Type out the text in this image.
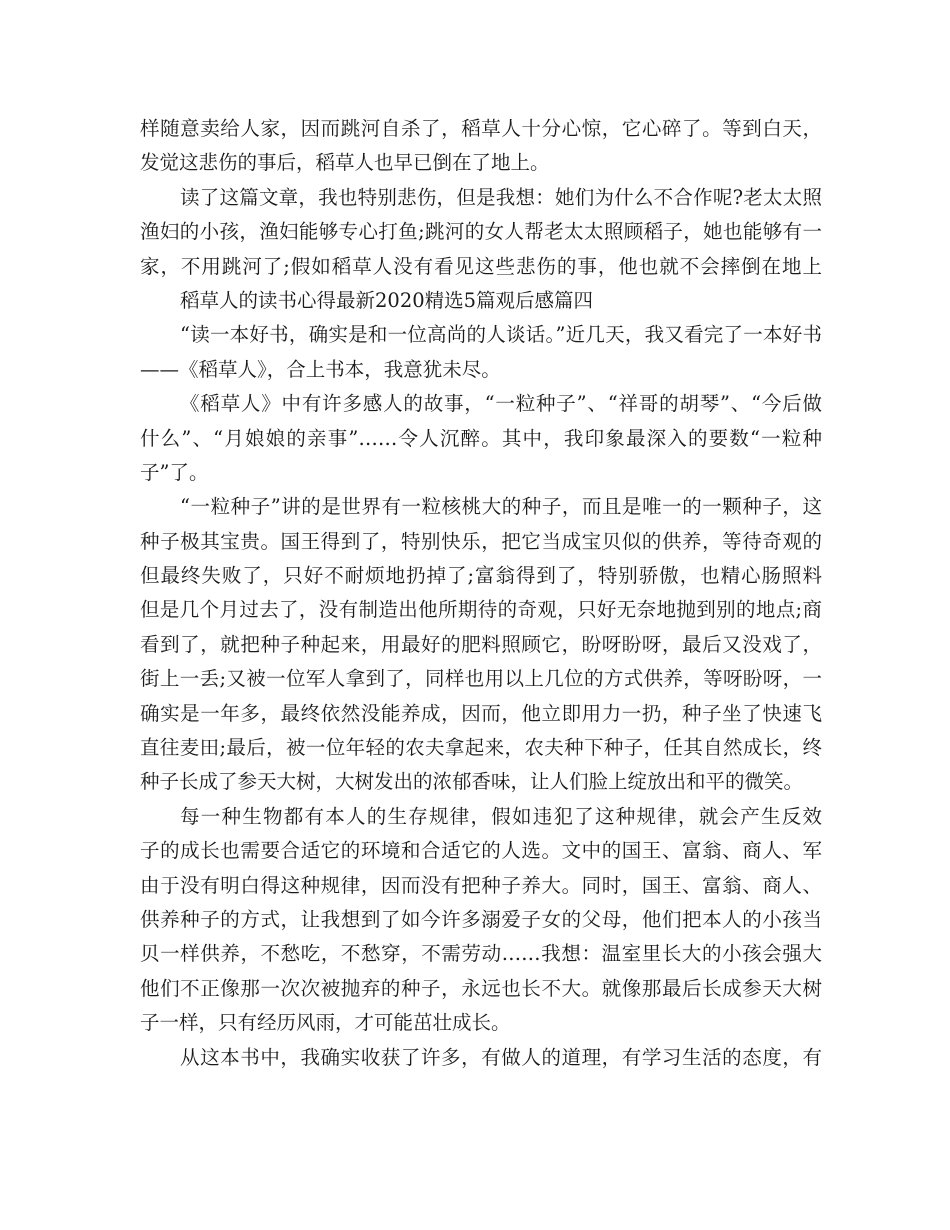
样随意卖给人家，因而跳河自杀了，稻草人十分心惊，它心碎了。等到白天，
发觉这悲伤的事后，稻草人也早已倒在了地上。
读了这篇文章，我也特别悲伤，但是我想：她们为什么不合作呢?老太太照
渔妇的小孩，渔妇能够专心打鱼;跳河的女人帮老太太照顾稻子，她也能够有一
家，不用跳河了;假如稻草人没有看见这些悲伤的事，他也就不会摔倒在地上
稻草人的读书心得最新2020精选5篇观后感篇四
“读一本好书，确实是和一位高尚的人谈话。”近几天，我又看完了一本好书
——《稻草人》，合上书本，我意犹未尽。
《稻草人》中有许多感人的故事，“一粒种子”、“祥哥的胡琴”、“今后做
什么”、“月娘娘的亲事”……令人沉醉。其中，我印象最深入的要数“一粒种
子”了。
“一粒种子”讲的是世界有一粒核桃大的种子，而且是唯一的一颗种子，这
种子极其宝贵。国王得到了，特别快乐，把它当成宝贝似的供养，等待奇观的
但最终失败了，只好不耐烦地扔掉了;富翁得到了，特别骄傲，也精心肠照料
但是几个月过去了，没有制造出他所期待的奇观，只好无奈地抛到别的地点;商
看到了，就把种子种起来，用最好的肥料照顾它，盼呀盼呀，最后又没戏了，
街上一丢;又被一位军人拿到了，同样也用以上几位的方式供养，等呀盼呀，一
确实是一年多，最终依然没能养成，因而，他立即用力一扔，种子坐了快速飞
直往麦田;最后，被一位年轻的农夫拿起来，农夫种下种子，任其自然成长，终
种子长成了参天大树，大树发出的浓郁香味，让人们脸上绽放出和平的微笑。
每一种生物都有本人的生存规律，假如违犯了这种规律，就会产生反效
子的成长也需要合适它的环境和合适它的人选。文中的国王、富翁、商人、军
由于没有明白得这种规律，因而没有把种子养大。同时，国王、富翁、商人、
供养种子的方式，让我想到了如今许多溺爱子女的父母，他们把本人的小孩当
贝一样供养，不愁吃，不愁穿，不需劳动……我想：温室里长大的小孩会强大
他们不正像那一次次被抛弃的种子，永远也长不大。就像那最后长成参天大树
子一样，只有经历风雨，才可能茁壮成长。
从这本书中，我确实收获了许多，有做人的道理，有学习生活的态度，有
